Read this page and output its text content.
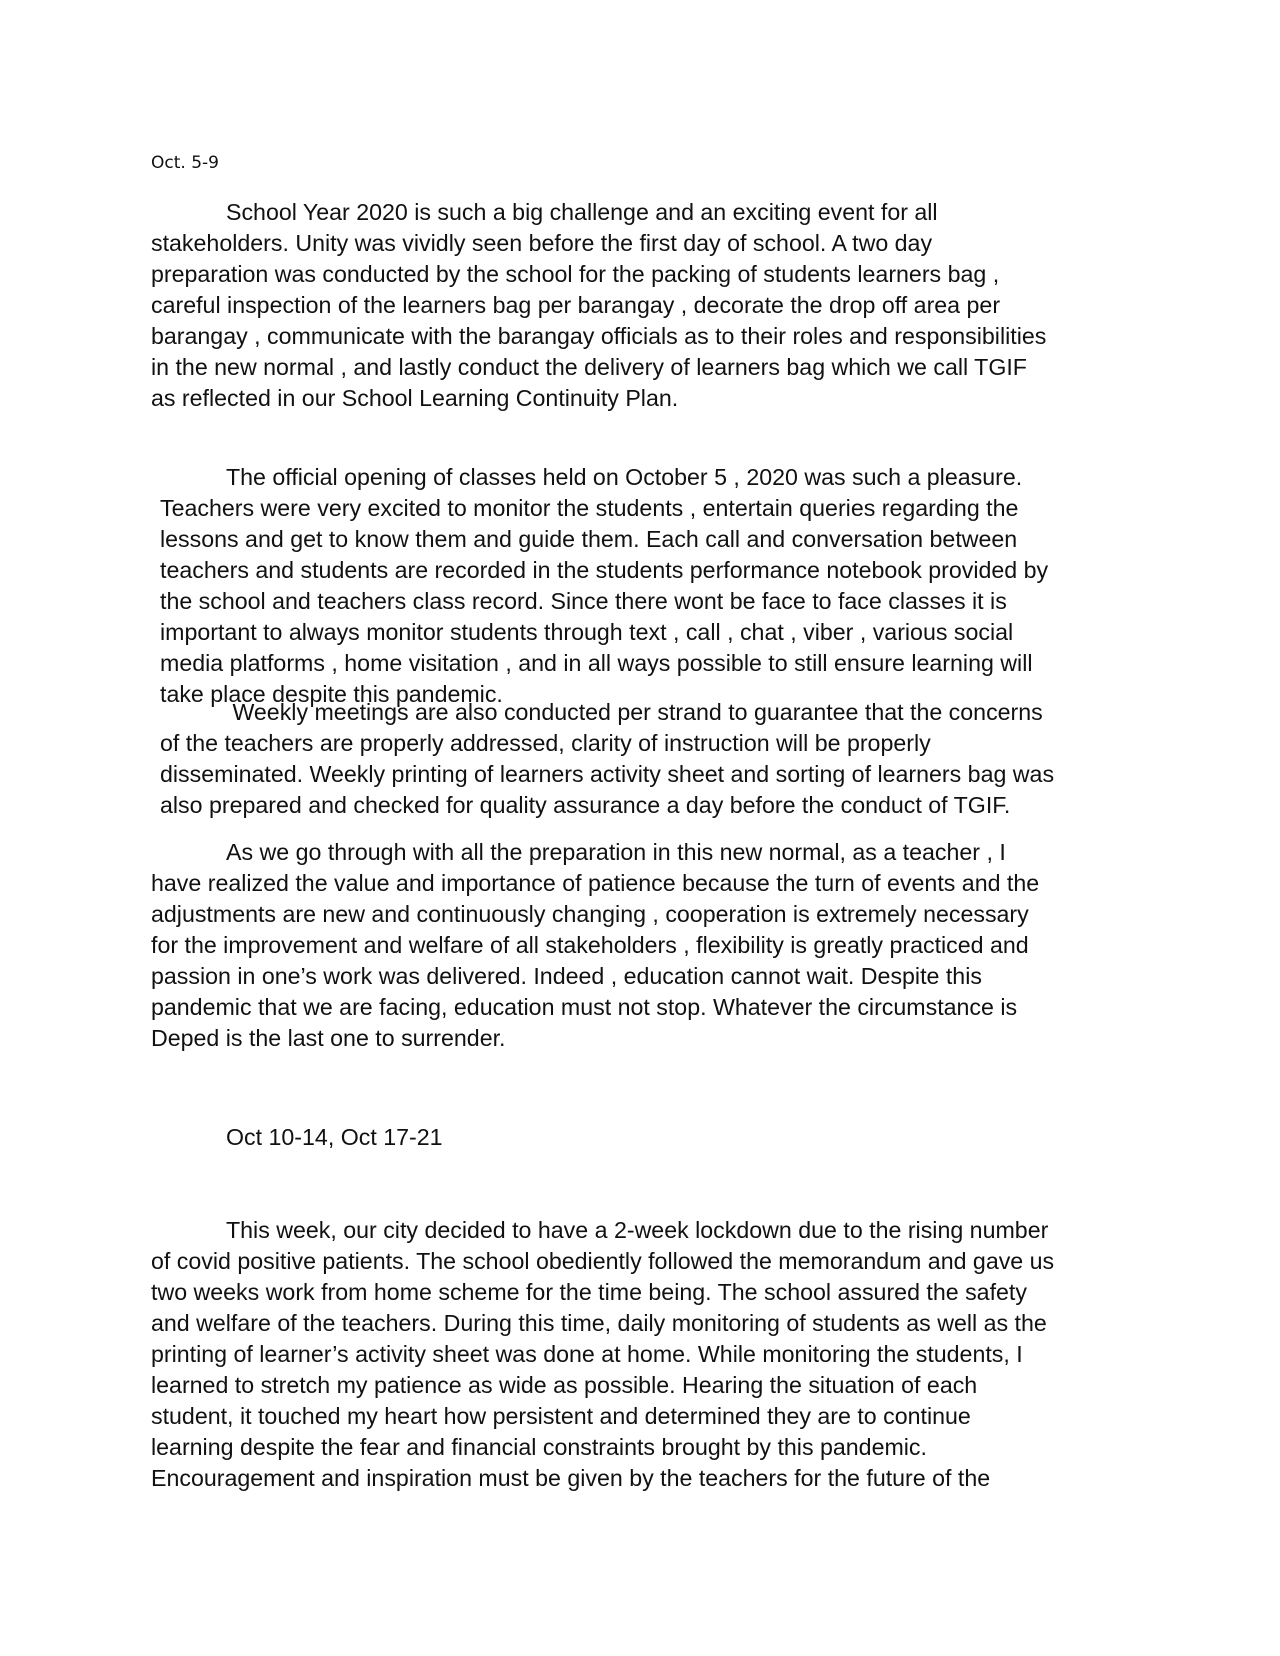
Oct. 5-9
School Year 2020 is such a big challenge and an exciting event for all
stakeholders. Unity was vividly seen before the first day of school. A two day
preparation was conducted by the school for the packing of students learners bag ,
careful inspection of the learners bag per barangay , decorate the drop off area per
barangay , communicate with the barangay officials as to their roles and responsibilities
in the new normal , and lastly conduct the delivery of learners bag which we call TGIF
as reflected in our School Learning Continuity Plan.
The official opening of classes held on October 5 , 2020 was such a pleasure.
Teachers were very excited to monitor the students , entertain queries regarding the
lessons and get to know them and guide them. Each call and conversation between
teachers and students are recorded in the students performance notebook provided by
the school and teachers class record. Since there wont be face to face classes it is
important to always monitor students through text , call , chat , viber , various social
media platforms , home visitation , and in all ways possible to still ensure learning will
take place despite this pandemic.
Weekly meetings are also conducted per strand to guarantee that the concerns
of the teachers are properly addressed, clarity of instruction will be properly
disseminated. Weekly printing of learners activity sheet and sorting of learners bag was
also prepared and checked for quality assurance a day before the conduct of TGIF.
As we go through with all the preparation in this new normal, as a teacher , I
have realized the value and importance of patience because the turn of events and the
adjustments are new and continuously changing , cooperation is extremely necessary
for the improvement and welfare of all stakeholders , flexibility is greatly practiced and
passion in one’s work was delivered. Indeed , education cannot wait. Despite this
pandemic that we are facing, education must not stop. Whatever the circumstance is
Deped is the last one to surrender.
Oct 10-14, Oct 17-21
This week, our city decided to have a 2-week lockdown due to the rising number
of covid positive patients. The school obediently followed the memorandum and gave us
two weeks work from home scheme for the time being. The school assured the safety
and welfare of the teachers. During this time, daily monitoring of students as well as the
printing of learner’s activity sheet was done at home. While monitoring the students, I
learned to stretch my patience as wide as possible. Hearing the situation of each
student, it touched my heart how persistent and determined they are to continue
learning despite the fear and financial constraints brought by this pandemic.
Encouragement and inspiration must be given by the teachers for the future of the
